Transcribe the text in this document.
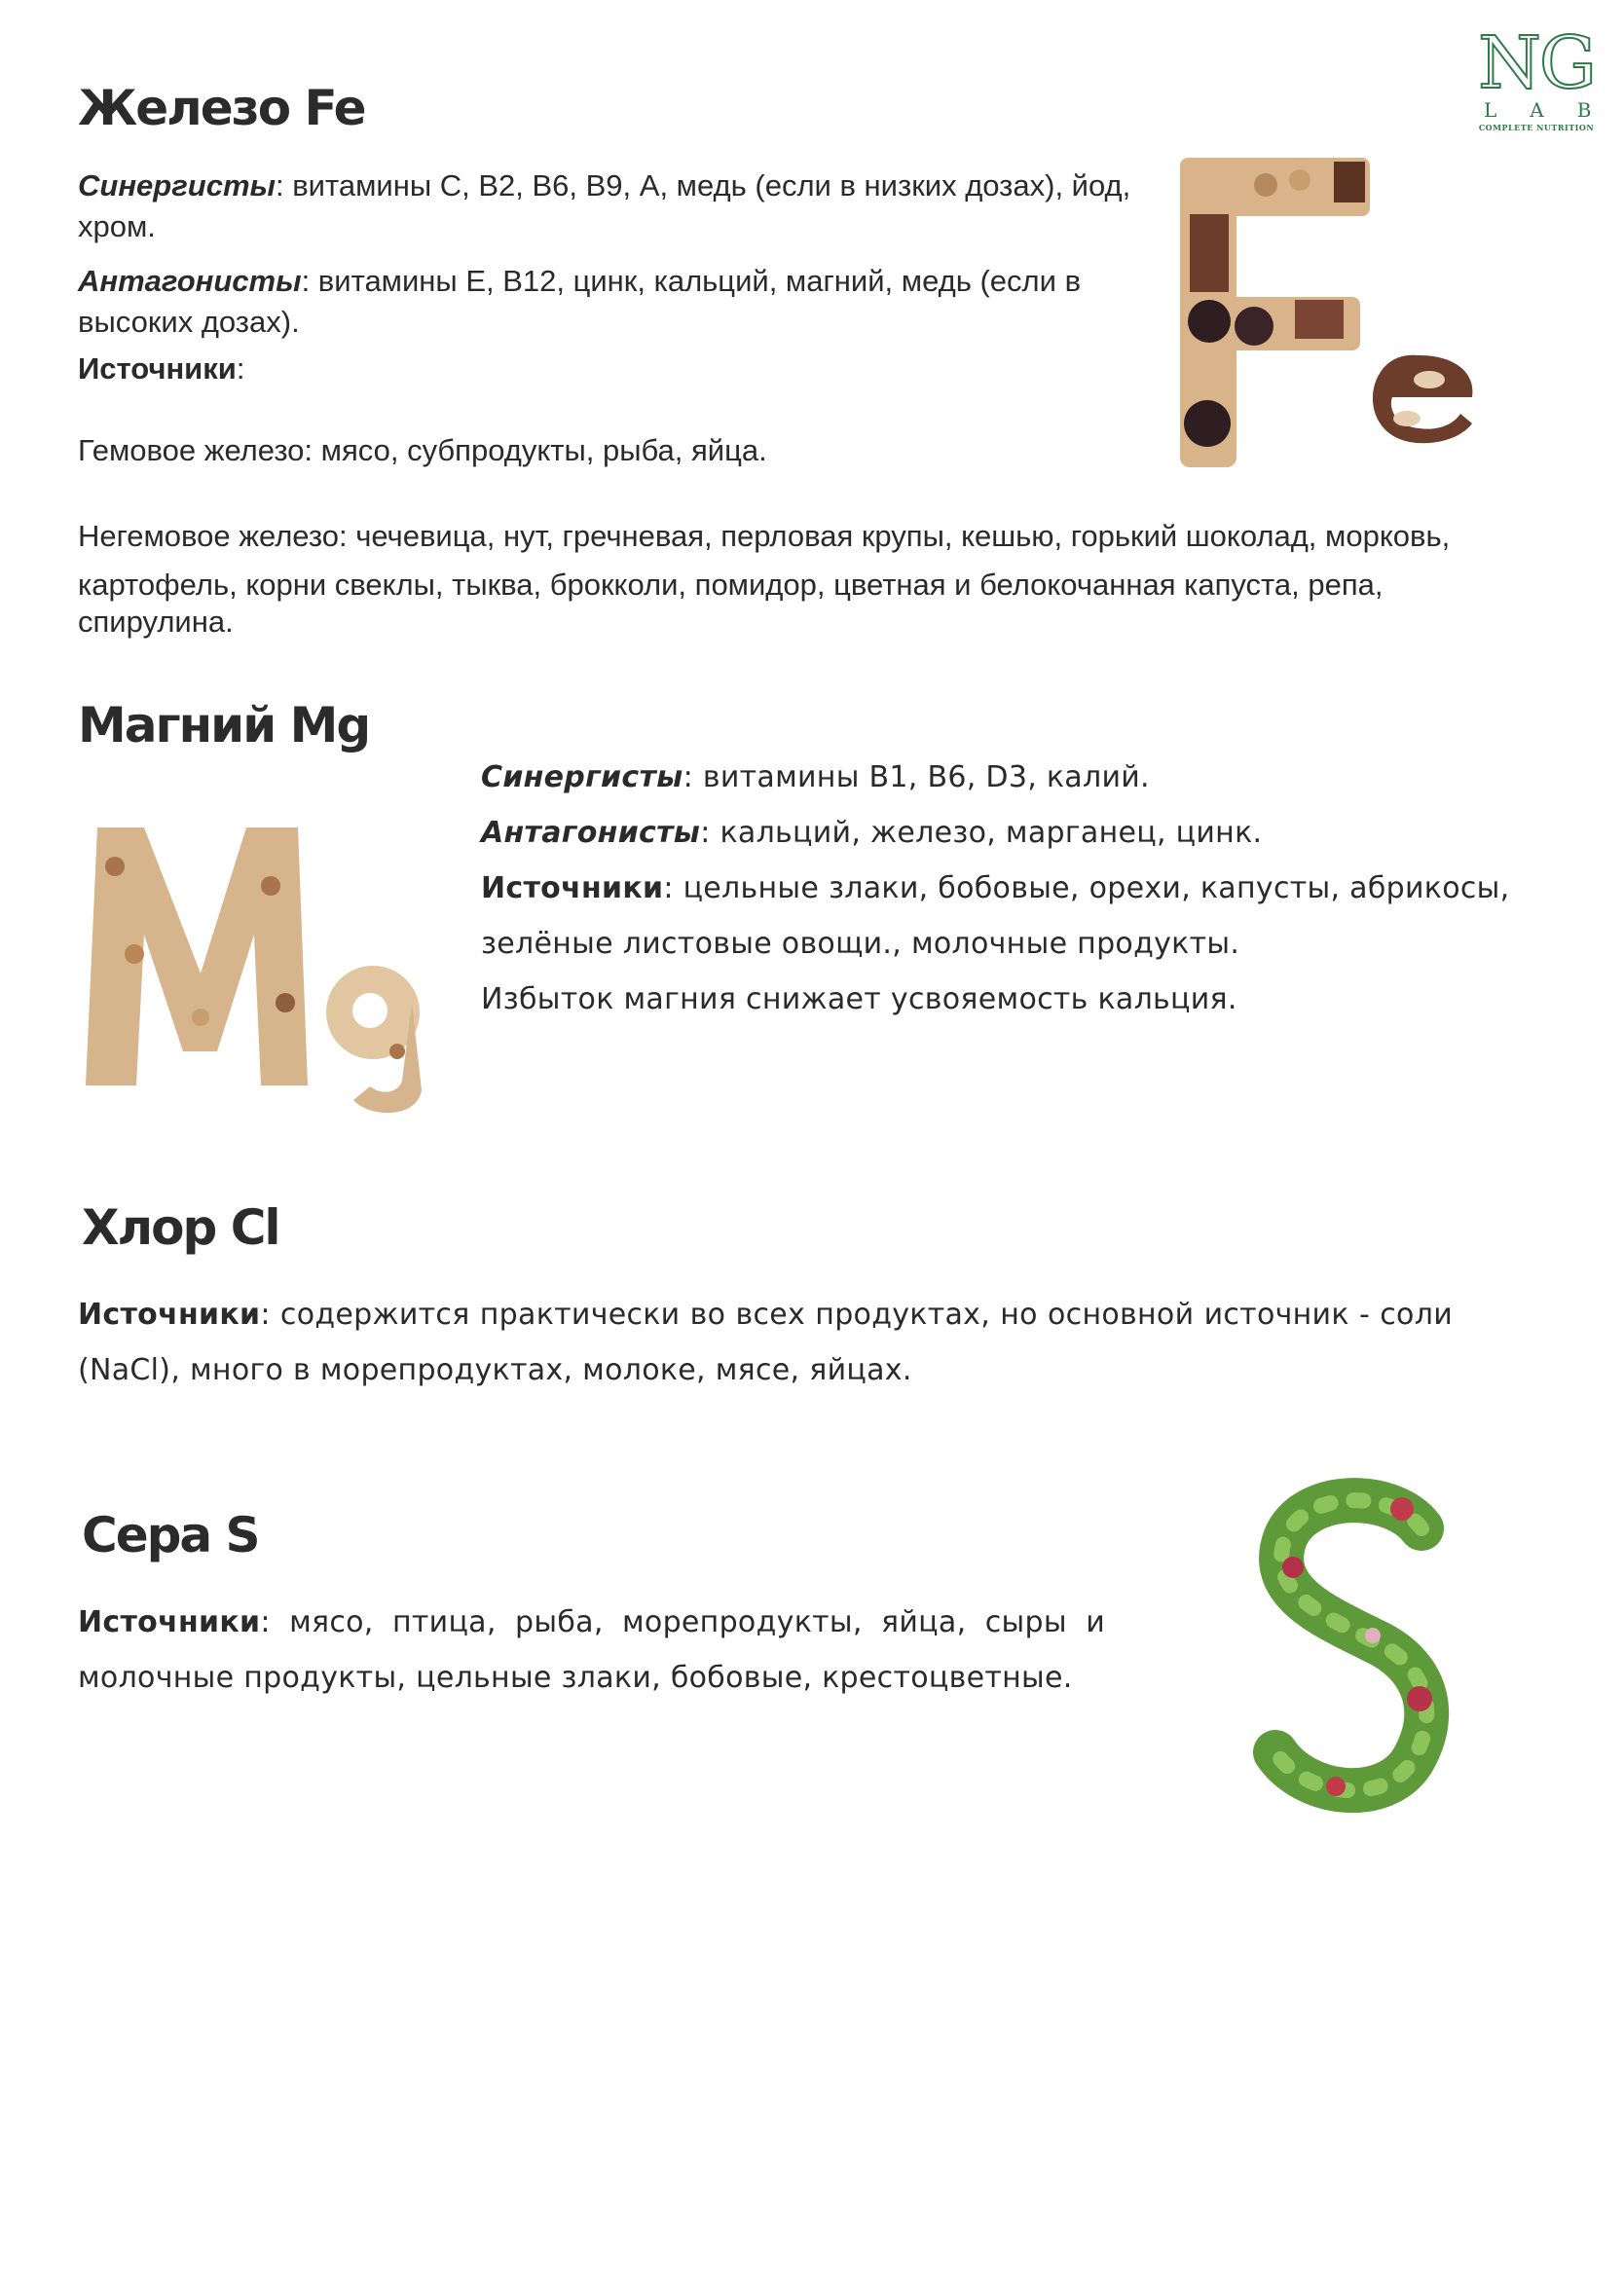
NG
LAB
COMPLETE NUTRITION
Железо Fe

Синергисты: витамины С, В2, В6, В9, А, медь (если в низких дозах), йод,
хром.

Антагонисты: витамины Е, В12, цинк, кальций, магний, медь (если в
высоких дозах).

Источники:

Гемовое железо: мясо, субпродукты, рыба, яйца.

Негемовое железо: чечевица, нут, гречневая, перловая крупы, кешью, горький шоколад, морковь,

картофель, корни свеклы, тыква, брокколи, помидор, цветная и белокочанная капуста, репа,

спирулина.

Магний Mg

Синергисты: витамины B1, B6, D3, калий.

Антагонисты: кальций, железо, марганец, цинк.

Источники: цельные злаки, бобовые, орехи, капусты, абрикосы,
зелёные листовые овощи., молочные продукты.

Избыток магния снижает усвояемость кальция.

Хлор Cl

Источники: содержится практически во всех продуктах, но основной источник - соли (NaCl), много в морепродуктах, молоке, мясе, яйцах.

Сера S

Источники: мясо, птица, рыба, морепродукты, яйца, сыры и молочные продукты, цельные злаки, бобовые, крестоцветные.
